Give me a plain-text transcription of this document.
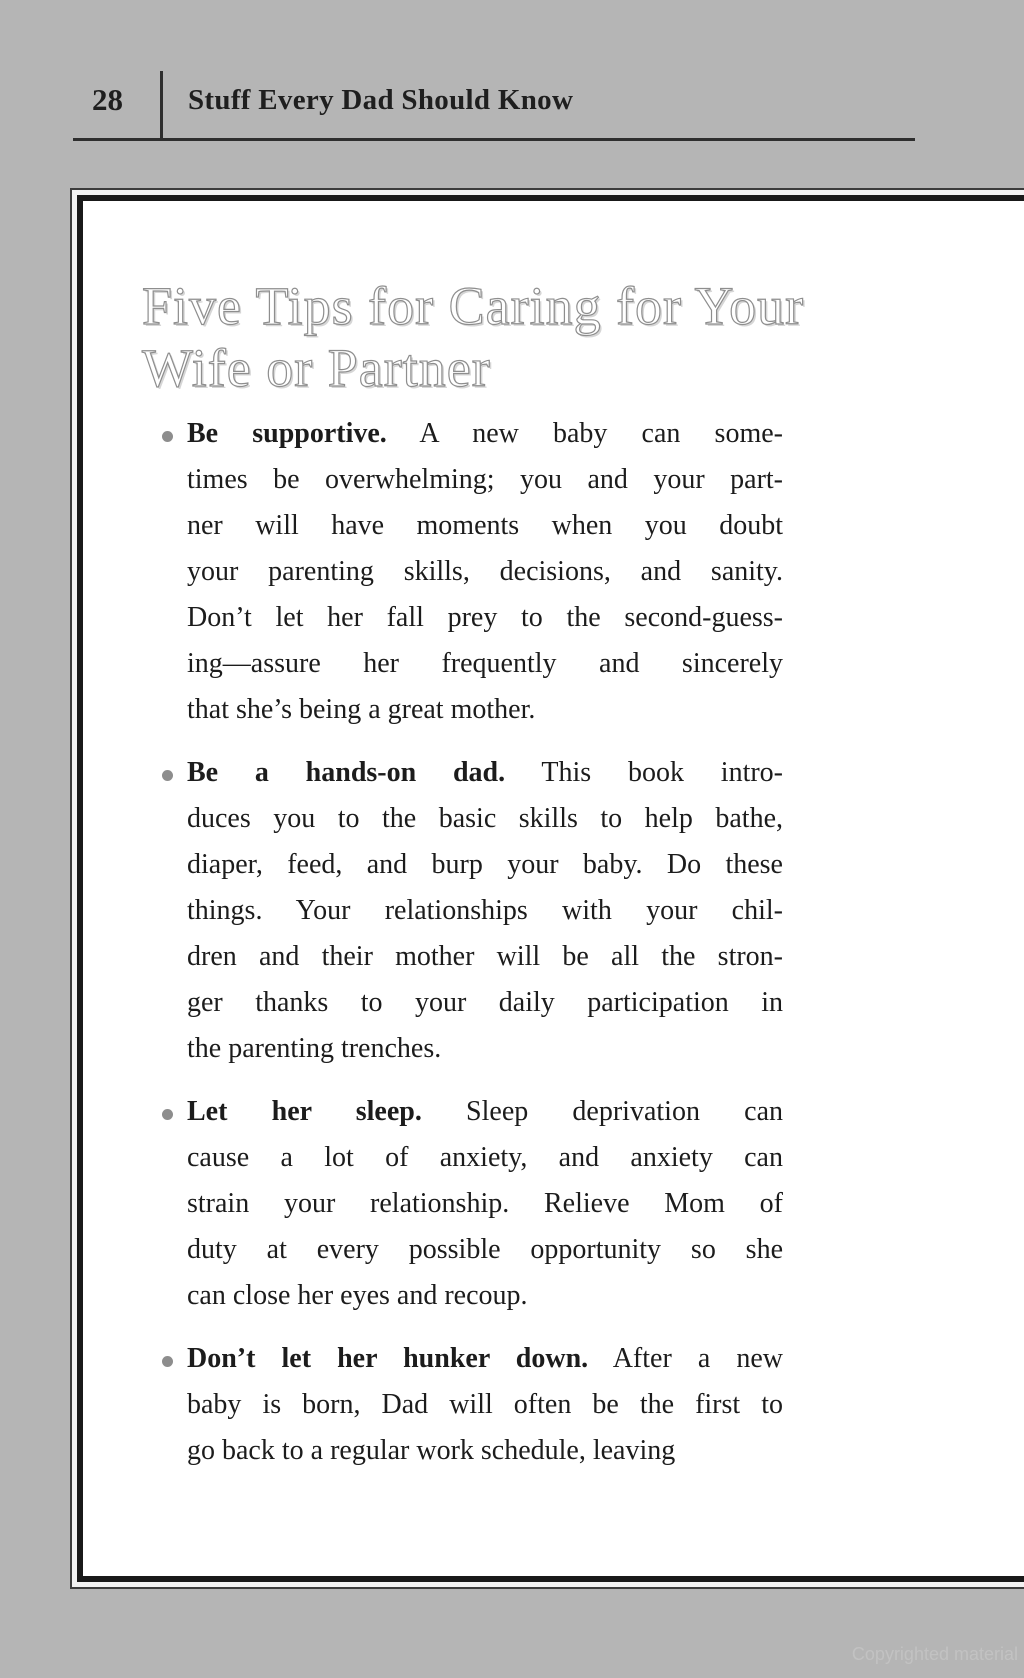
28 Stuff Every Dad Should Know
Five Tips for Caring for Your
Wife or Partner
Be supportive. A new baby can some-
times be overwhelming; you and your part-
ner will have moments when you doubt
your parenting skills, decisions, and sanity.
Don’t let her fall prey to the second-guess-
ing—assure her frequently and sincerely
that she’s being a great mother.
Be a hands-on dad. This book intro-
duces you to the basic skills to help bathe,
diaper, feed, and burp your baby. Do these
things. Your relationships with your chil-
dren and their mother will be all the stron-
ger thanks to your daily participation in
the parenting trenches.
Let her sleep. Sleep deprivation can
cause a lot of anxiety, and anxiety can
strain your relationship. Relieve Mom of
duty at every possible opportunity so she
can close her eyes and recoup.
Don’t let her hunker down. After a new
baby is born, Dad will often be the first to
go back to a regular work schedule, leaving
Copyrighted material
